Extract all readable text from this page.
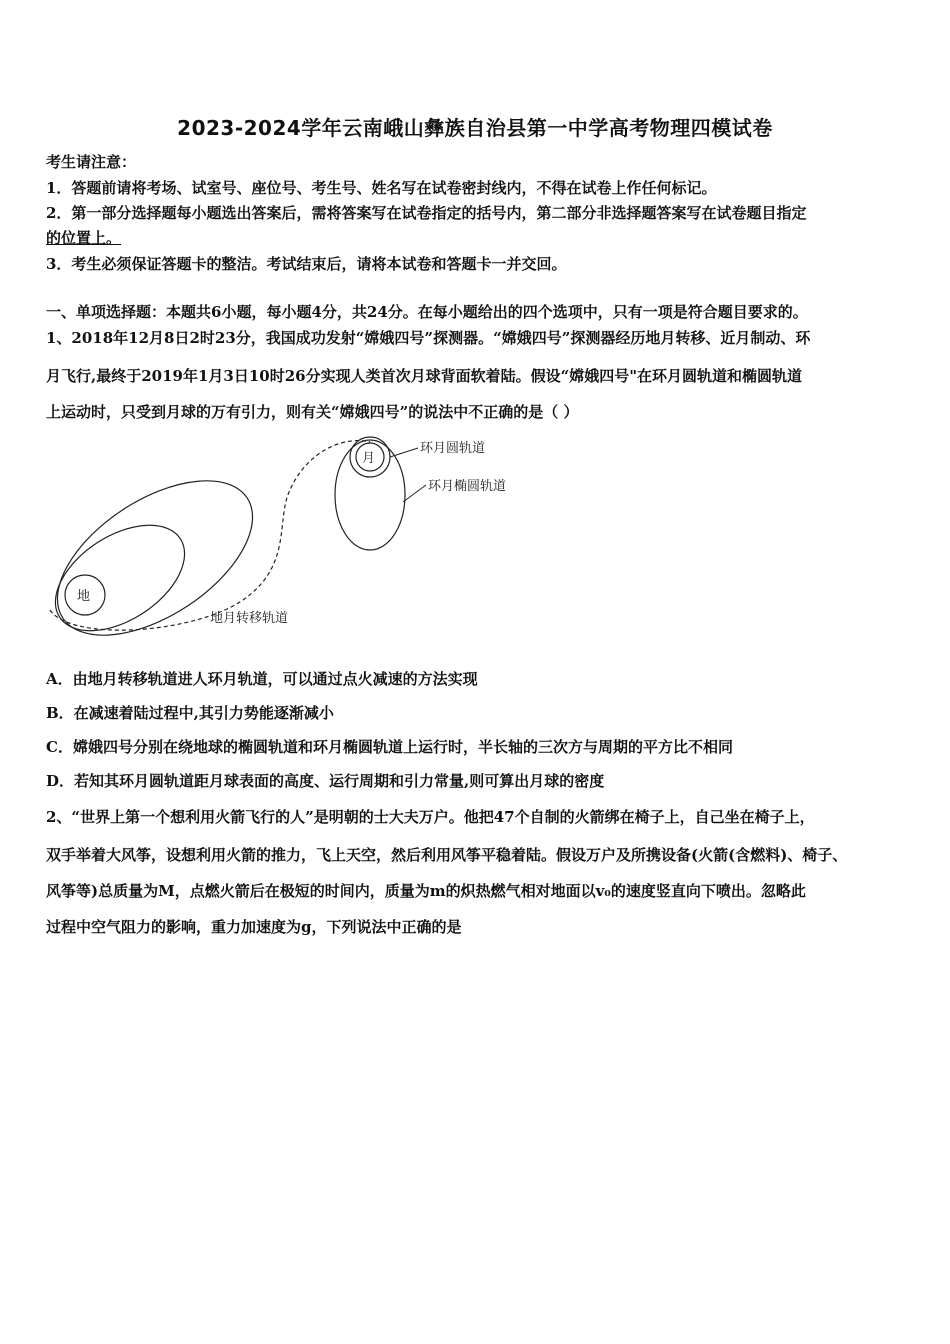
2023-2024学年云南峨山彝族自治县第一中学高考物理四模试卷
考生请注意：
1．答题前请将考场、试室号、座位号、考生号、姓名写在试卷密封线内，不得在试卷上作任何标记。
2．第一部分选择题每小题选出答案后，需将答案写在试卷指定的括号内，第二部分非选择题答案写在试卷题目指定
的位置上。
3．考生必须保证答题卡的整洁。考试结束后，请将本试卷和答题卡一并交回。
一、单项选择题：本题共6小题，每小题4分，共24分。在每小题给出的四个选项中，只有一项是符合题目要求的。
1、2018年12月8日2时23分，我国成功发射“嫦娥四号”探测器。“嫦娥四号”探测器经历地月转移、近月制动、环
月飞行,最终于2019年1月3日10时26分实现人类首次月球背面软着陆。假设“嫦娥四号"在环月圆轨道和椭圆轨道
上运动时，只受到月球的万有引力，则有关“嫦娥四号”的说法中不正确的是（ ）
地
月
环月圆轨道
环月椭圆轨道
地月转移轨道
A．由地月转移轨道进人环月轨道，可以通过点火减速的方法实现
B．在减速着陆过程中,其引力势能逐渐减小
C．嫦娥四号分别在绕地球的椭圆轨道和环月椭圆轨道上运行时，半长轴的三次方与周期的平方比不相同
D．若知其环月圆轨道距月球表面的高度、运行周期和引力常量,则可算出月球的密度
2、“世界上第一个想利用火箭飞行的人”是明朝的士大夫万户。他把47个自制的火箭绑在椅子上，自己坐在椅子上，
双手举着大风筝，设想利用火箭的推力，飞上天空，然后利用风筝平稳着陆。假设万户及所携设备(火箭(含燃料)、椅子、
风筝等)总质量为M，点燃火箭后在极短的时间内，质量为m的炽热燃气相对地面以v₀的速度竖直向下喷出。忽略此
过程中空气阻力的影响，重力加速度为g，下列说法中正确的是
